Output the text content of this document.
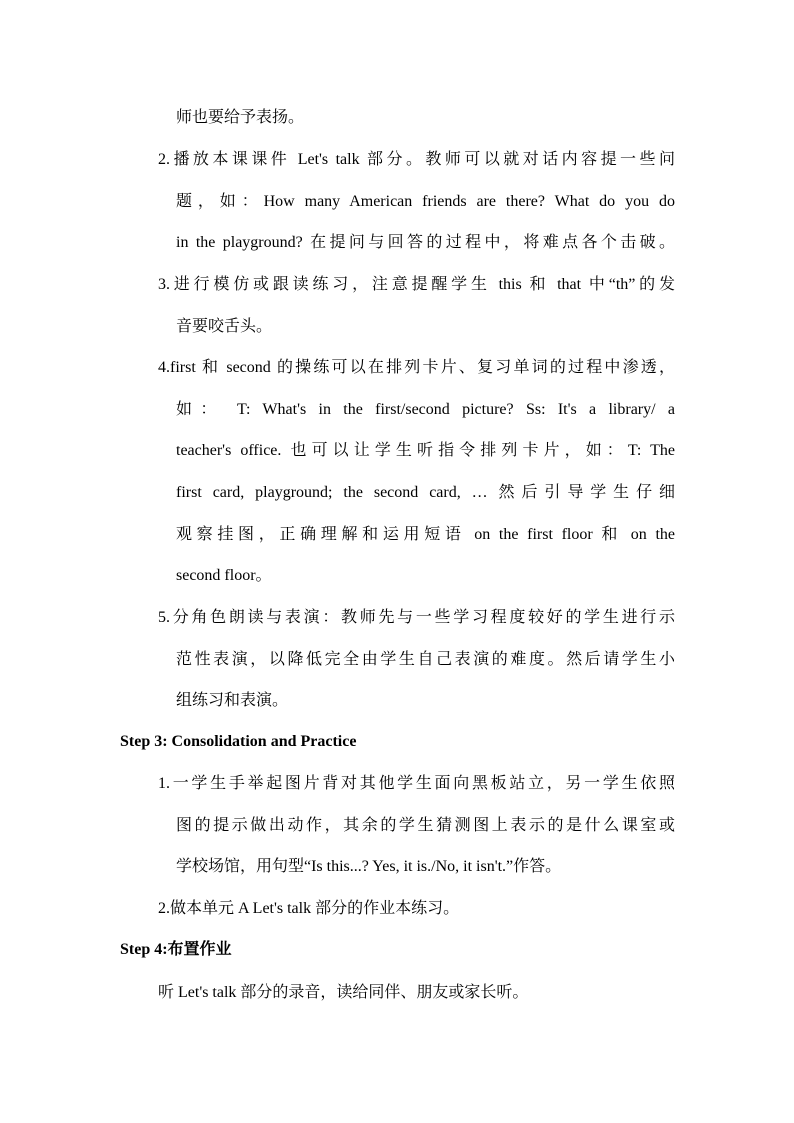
师也要给予表扬。
2.播放本课课件 Let's talk 部分。教师可以就对话内容提一些问
题，如：How many American friends are there? What do you do
in the playground? 在提问与回答的过程中，将难点各个击破。
3.进行模仿或跟读练习，注意提醒学生 this 和 that 中“th”的发
音要咬舌头。
4.first 和 second 的操练可以在排列卡片、复习单词的过程中渗透，
如： T: What's in the first/second picture? Ss: It's a library/ a
teacher's office. 也可以让学生听指令排列卡片，如：T: The
first card, playground; the second card, … 然后引导学生仔细
观察挂图，正确理解和运用短语 on the first floor 和 on the
second floor。
5.分角色朗读与表演：教师先与一些学习程度较好的学生进行示
范性表演，以降低完全由学生自己表演的难度。然后请学生小
组练习和表演。
Step 3: Consolidation and Practice
1.一学生手举起图片背对其他学生面向黑板站立，另一学生依照
图的提示做出动作，其余的学生猜测图上表示的是什么课室或
学校场馆，用句型“Is this...? Yes, it is./No, it isn't.”作答。
2.做本单元 A Let's talk 部分的作业本练习。
Step 4:布置作业
听 Let's talk 部分的录音，读给同伴、朋友或家长听。
